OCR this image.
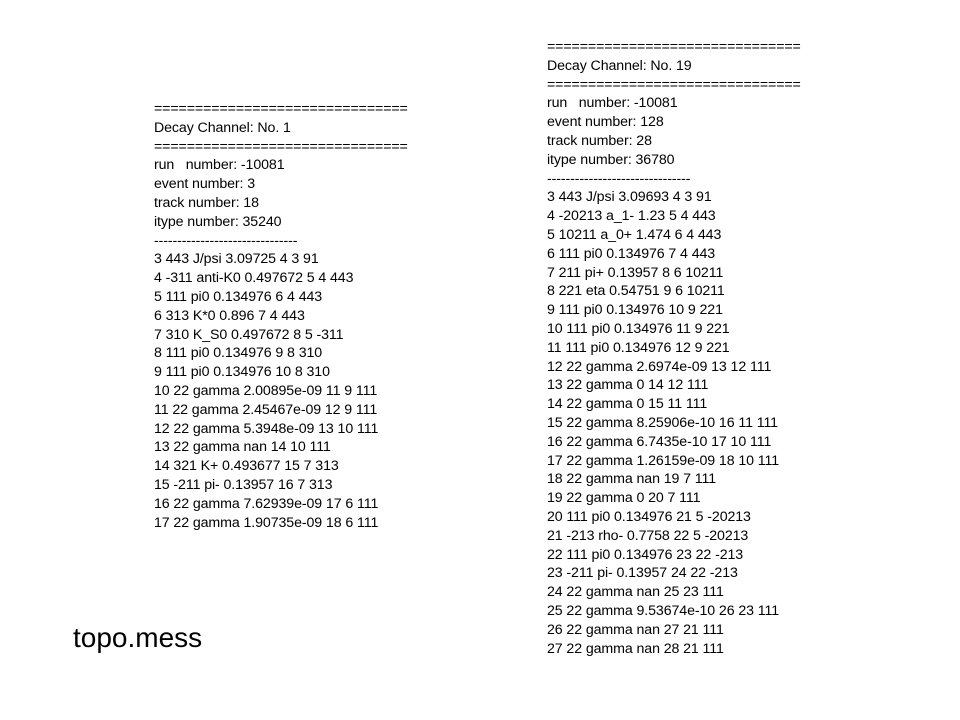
===============================
Decay Channel: No. 1
===============================
run   number: -10081
event number: 3
track number: 18
itype number: 35240
-------------------------------
3 443 J/psi 3.09725 4 3 91
4 -311 anti-K0 0.497672 5 4 443
5 111 pi0 0.134976 6 4 443
6 313 K*0 0.896 7 4 443
7 310 K_S0 0.497672 8 5 -311
8 111 pi0 0.134976 9 8 310
9 111 pi0 0.134976 10 8 310
10 22 gamma 2.00895e-09 11 9 111
11 22 gamma 2.45467e-09 12 9 111
12 22 gamma 5.3948e-09 13 10 111
13 22 gamma nan 14 10 111
14 321 K+ 0.493677 15 7 313
15 -211 pi- 0.13957 16 7 313
16 22 gamma 7.62939e-09 17 6 111
17 22 gamma 1.90735e-09 18 6 111
===============================
Decay Channel: No. 19
===============================
run   number: -10081
event number: 128
track number: 28
itype number: 36780
-------------------------------
3 443 J/psi 3.09693 4 3 91
4 -20213 a_1- 1.23 5 4 443
5 10211 a_0+ 1.474 6 4 443
6 111 pi0 0.134976 7 4 443
7 211 pi+ 0.13957 8 6 10211
8 221 eta 0.54751 9 6 10211
9 111 pi0 0.134976 10 9 221
10 111 pi0 0.134976 11 9 221
11 111 pi0 0.134976 12 9 221
12 22 gamma 2.6974e-09 13 12 111
13 22 gamma 0 14 12 111
14 22 gamma 0 15 11 111
15 22 gamma 8.25906e-10 16 11 111
16 22 gamma 6.7435e-10 17 10 111
17 22 gamma 1.26159e-09 18 10 111
18 22 gamma nan 19 7 111
19 22 gamma 0 20 7 111
20 111 pi0 0.134976 21 5 -20213
21 -213 rho- 0.7758 22 5 -20213
22 111 pi0 0.134976 23 22 -213
23 -211 pi- 0.13957 24 22 -213
24 22 gamma nan 25 23 111
25 22 gamma 9.53674e-10 26 23 111
26 22 gamma nan 27 21 111
27 22 gamma nan 28 21 111
topo.mess
